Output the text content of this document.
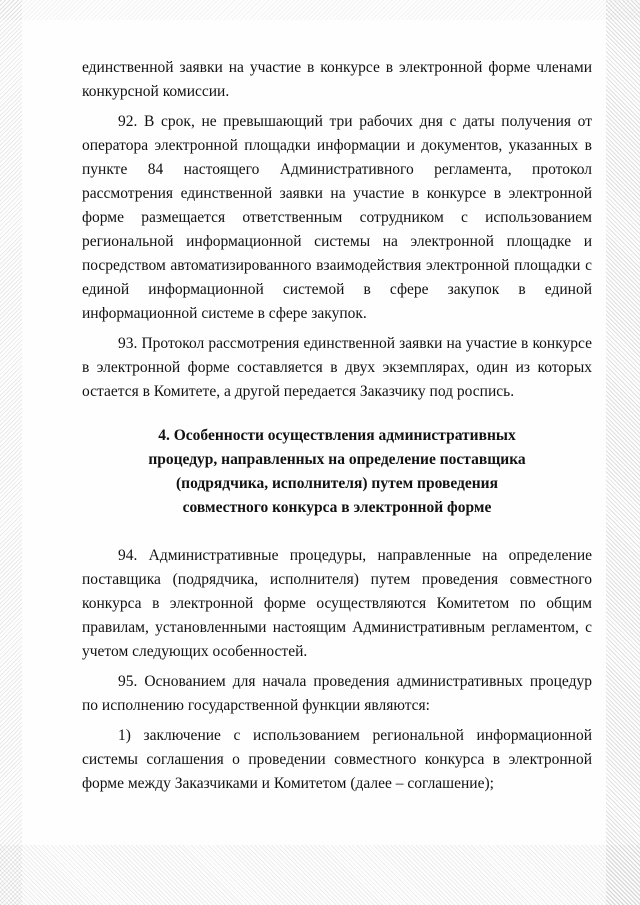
единственной заявки на участие в конкурсе в электронной форме членами конкурсной комиссии.

92. В срок, не превышающий три рабочих дня с даты получения от оператора электронной площадки информации и документов, указанных в пункте 84 настоящего Административного регламента, протокол рассмотрения единственной заявки на участие в конкурсе в электронной форме размещается ответственным сотрудником с использованием региональной информационной системы на электронной площадке и посредством автоматизированного взаимодействия электронной площадки с единой информационной системой в сфере закупок в единой информационной системе в сфере закупок.

93. Протокол рассмотрения единственной заявки на участие в конкурсе в электронной форме составляется в двух экземплярах, один из которых остается в Комитете, а другой передается Заказчику под роспись.

4. Особенности осуществления административных
процедур, направленных на определение поставщика
(подрядчика, исполнителя) путем проведения
совместного конкурса в электронной форме

94. Административные процедуры, направленные на определение поставщика (подрядчика, исполнителя) путем проведения совместного конкурса в электронной форме осуществляются Комитетом по общим правилам, установленными настоящим Административным регламентом, с учетом следующих особенностей.

95. Основанием для начала проведения административных процедур по исполнению государственной функции являются:

1) заключение с использованием региональной информационной системы соглашения о проведении совместного конкурса в электронной форме между Заказчиками и Комитетом (далее – соглашение);
